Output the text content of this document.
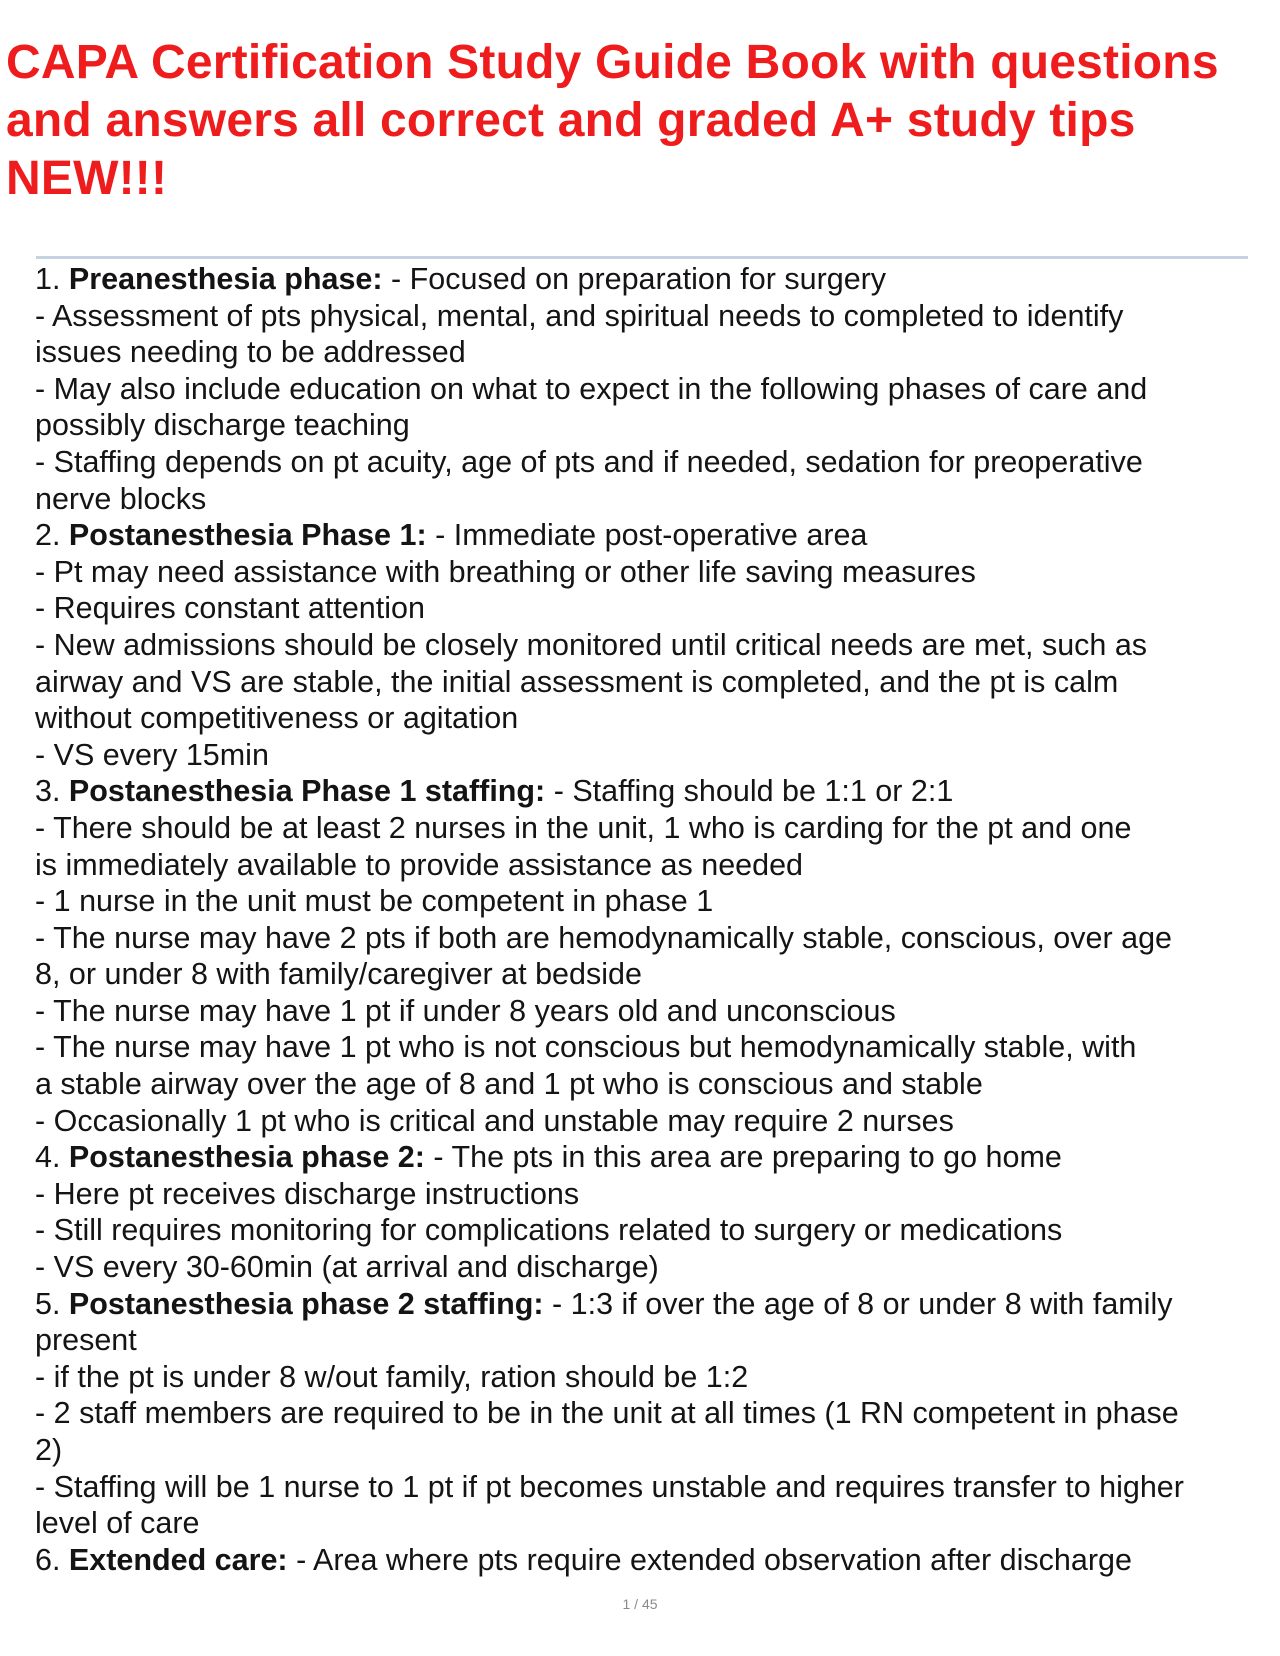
CAPA Certification Study Guide Book with questions and answers all correct and graded A+ study tips NEW!!!
1. Preanesthesia phase: - Focused on preparation for surgery
- Assessment of pts physical, mental, and spiritual needs to completed to identify
issues needing to be addressed
- May also include education on what to expect in the following phases of care and
possibly discharge teaching
- Staffing depends on pt acuity, age of pts and if needed, sedation for preoperative
nerve blocks
2. Postanesthesia Phase 1: - Immediate post-operative area
- Pt may need assistance with breathing or other life saving measures
- Requires constant attention
- New admissions should be closely monitored until critical needs are met, such as
airway and VS are stable, the initial assessment is completed, and the pt is calm
without competitiveness or agitation
- VS every 15min
3. Postanesthesia Phase 1 staffing: - Staffing should be 1:1 or 2:1
- There should be at least 2 nurses in the unit, 1 who is carding for the pt and one
is immediately available to provide assistance as needed
- 1 nurse in the unit must be competent in phase 1
- The nurse may have 2 pts if both are hemodynamically stable, conscious, over age
8, or under 8 with family/caregiver at bedside
- The nurse may have 1 pt if under 8 years old and unconscious
- The nurse may have 1 pt who is not conscious but hemodynamically stable, with
a stable airway over the age of 8 and 1 pt who is conscious and stable
- Occasionally 1 pt who is critical and unstable may require 2 nurses
4. Postanesthesia phase 2: - The pts in this area are preparing to go home
- Here pt receives discharge instructions
- Still requires monitoring for complications related to surgery or medications
- VS every 30-60min (at arrival and discharge)
5. Postanesthesia phase 2 staffing: - 1:3 if over the age of 8 or under 8 with family
present
- if the pt is under 8 w/out family, ration should be 1:2
- 2 staff members are required to be in the unit at all times (1 RN competent in phase
2)
- Staffing will be 1 nurse to 1 pt if pt becomes unstable and requires transfer to higher
level of care
6. Extended care: - Area where pts require extended observation after discharge
1 / 45
